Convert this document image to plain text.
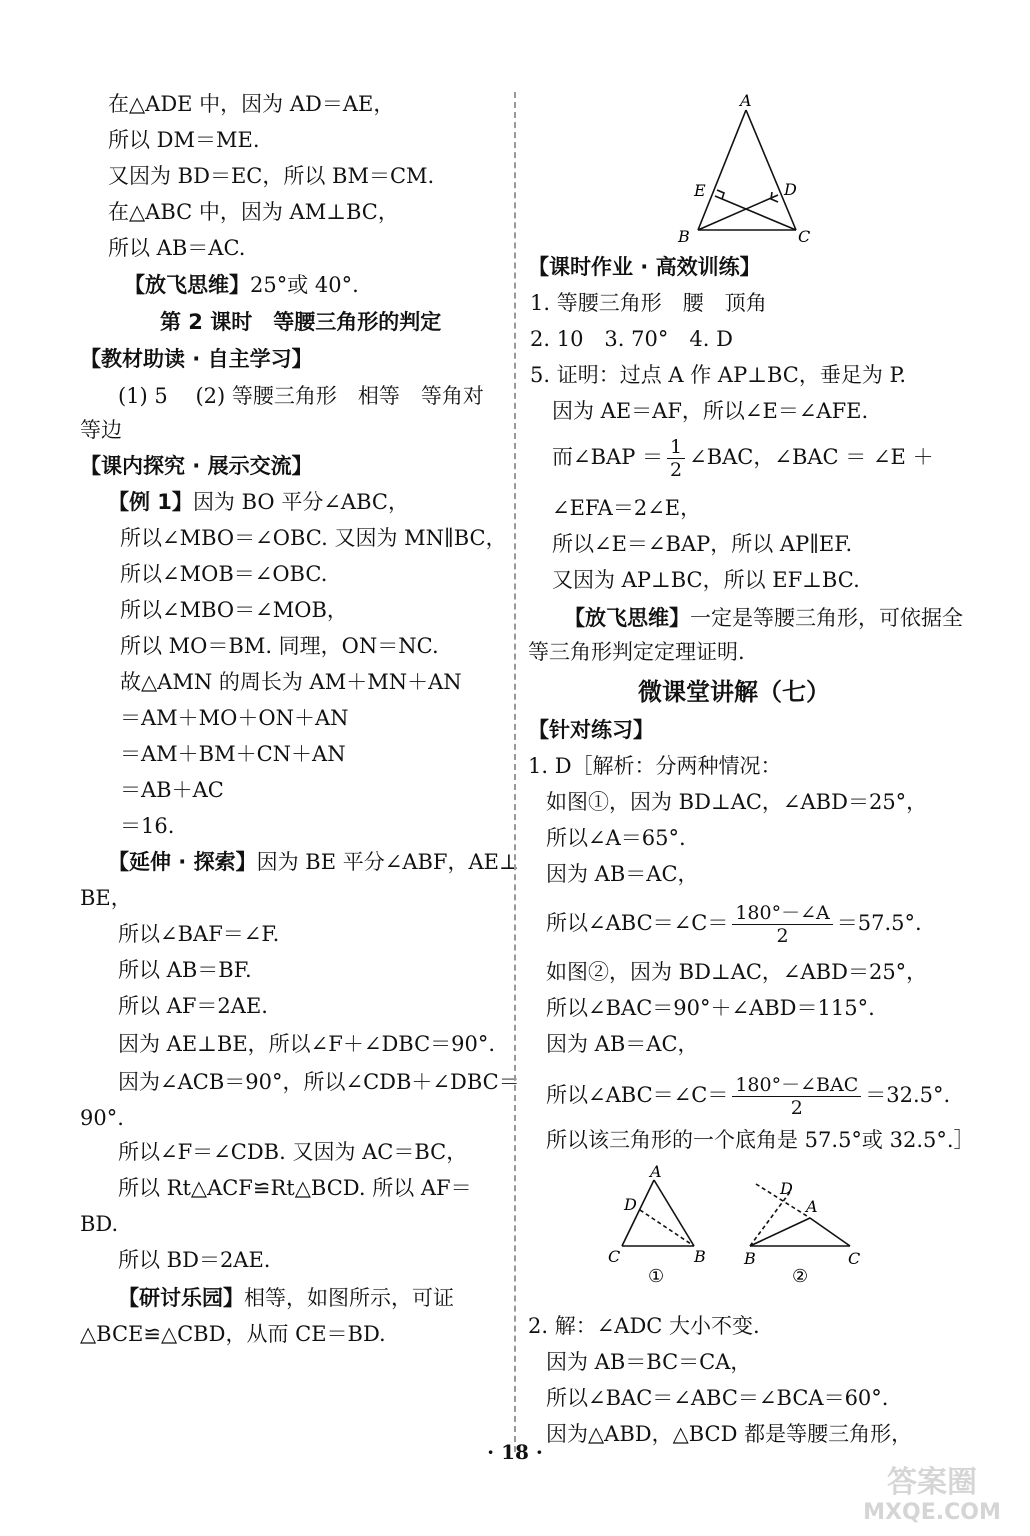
在△ADE 中，因为 AD＝AE，
所以 DM＝ME.
又因为 BD＝EC，所以 BM＝CM.
在△ABC 中，因为 AM⊥BC，
所以 AB＝AC.
【放飞思维】25°或 40°.
第 2 课时　等腰三角形的判定
【教材助读 · 自主学习】
(1) 5　 (2) 等腰三角形　相等　等角对
等边
【课内探究 · 展示交流】
【例 1】因为 BO 平分∠ABC，
所以∠MBO＝∠OBC. 又因为 MN∥BC，
所以∠MOB＝∠OBC.
所以∠MBO＝∠MOB，
所以 MO＝BM. 同理，ON＝NC.
故△AMN 的周长为 AM＋MN＋AN
＝AM＋MO＋ON＋AN
＝AM＋BM＋CN＋AN
＝AB＋AC
＝16.
【延伸 · 探索】因为 BE 平分∠ABF，AE⊥
BE，
所以∠BAF＝∠F.
所以 AB＝BF.
所以 AF＝2AE.
因为 AE⊥BE，所以∠F＋∠DBC＝90°.
因为∠ACB＝90°，所以∠CDB＋∠DBC＝
90°.
所以∠F＝∠CDB. 又因为 AC＝BC，
所以 Rt△ACF≌Rt△BCD. 所以 AF＝
BD.
所以 BD＝2AE.
【研讨乐园】相等，如图所示，可证
△BCE≌△CBD，从而 CE＝BD.
A
E	D
B	C
【课时作业 · 高效训练】
1. 等腰三角形　腰　顶角
2. 10　3. 70°　4. D
5. 证明：过点 A 作 AP⊥BC，垂足为 P.
因为 AE＝AF，所以∠E＝∠AFE.
而∠BAP ＝ $\frac{1}{2}$ ∠BAC，∠BAC ＝ ∠E ＋
∠EFA＝2∠E，
所以∠E＝∠BAP，所以 AP∥EF.
又因为 AP⊥BC，所以 EF⊥BC.
【放飞思维】一定是等腰三角形，可依据全
等三角形判定定理证明.
微课堂讲解（七）
【针对练习】
1. D［解析：分两种情况：
如图①，因为 BD⊥AC，∠ABD＝25°，
所以∠A＝65°.
因为 AB＝AC，
所以∠ABC＝∠C＝ $\frac{180^\circ-\angle A}{2} =57.5^\circ$.
如图②，因为 BD⊥AC，∠ABD＝25°，
所以∠BAC＝90°＋∠ABD＝115°.
因为 AB＝AC，
所以∠ABC＝∠C＝ $\frac{\text{180°－∠BAC}}{2} =32.5^\circ$.
所以该三角形的一个底角是 57.5°或 32.5°.］
A
D
C	B
①
D
A
B	C
②
2. 解：∠ADC 大小不变.
因为 AB＝BC＝CA，
所以∠BAC＝∠ABC＝∠BCA＝60°.
因为△ABD，△BCD 都是等腰三角形，
· 18 ·
答案圈
MXQE.COM
